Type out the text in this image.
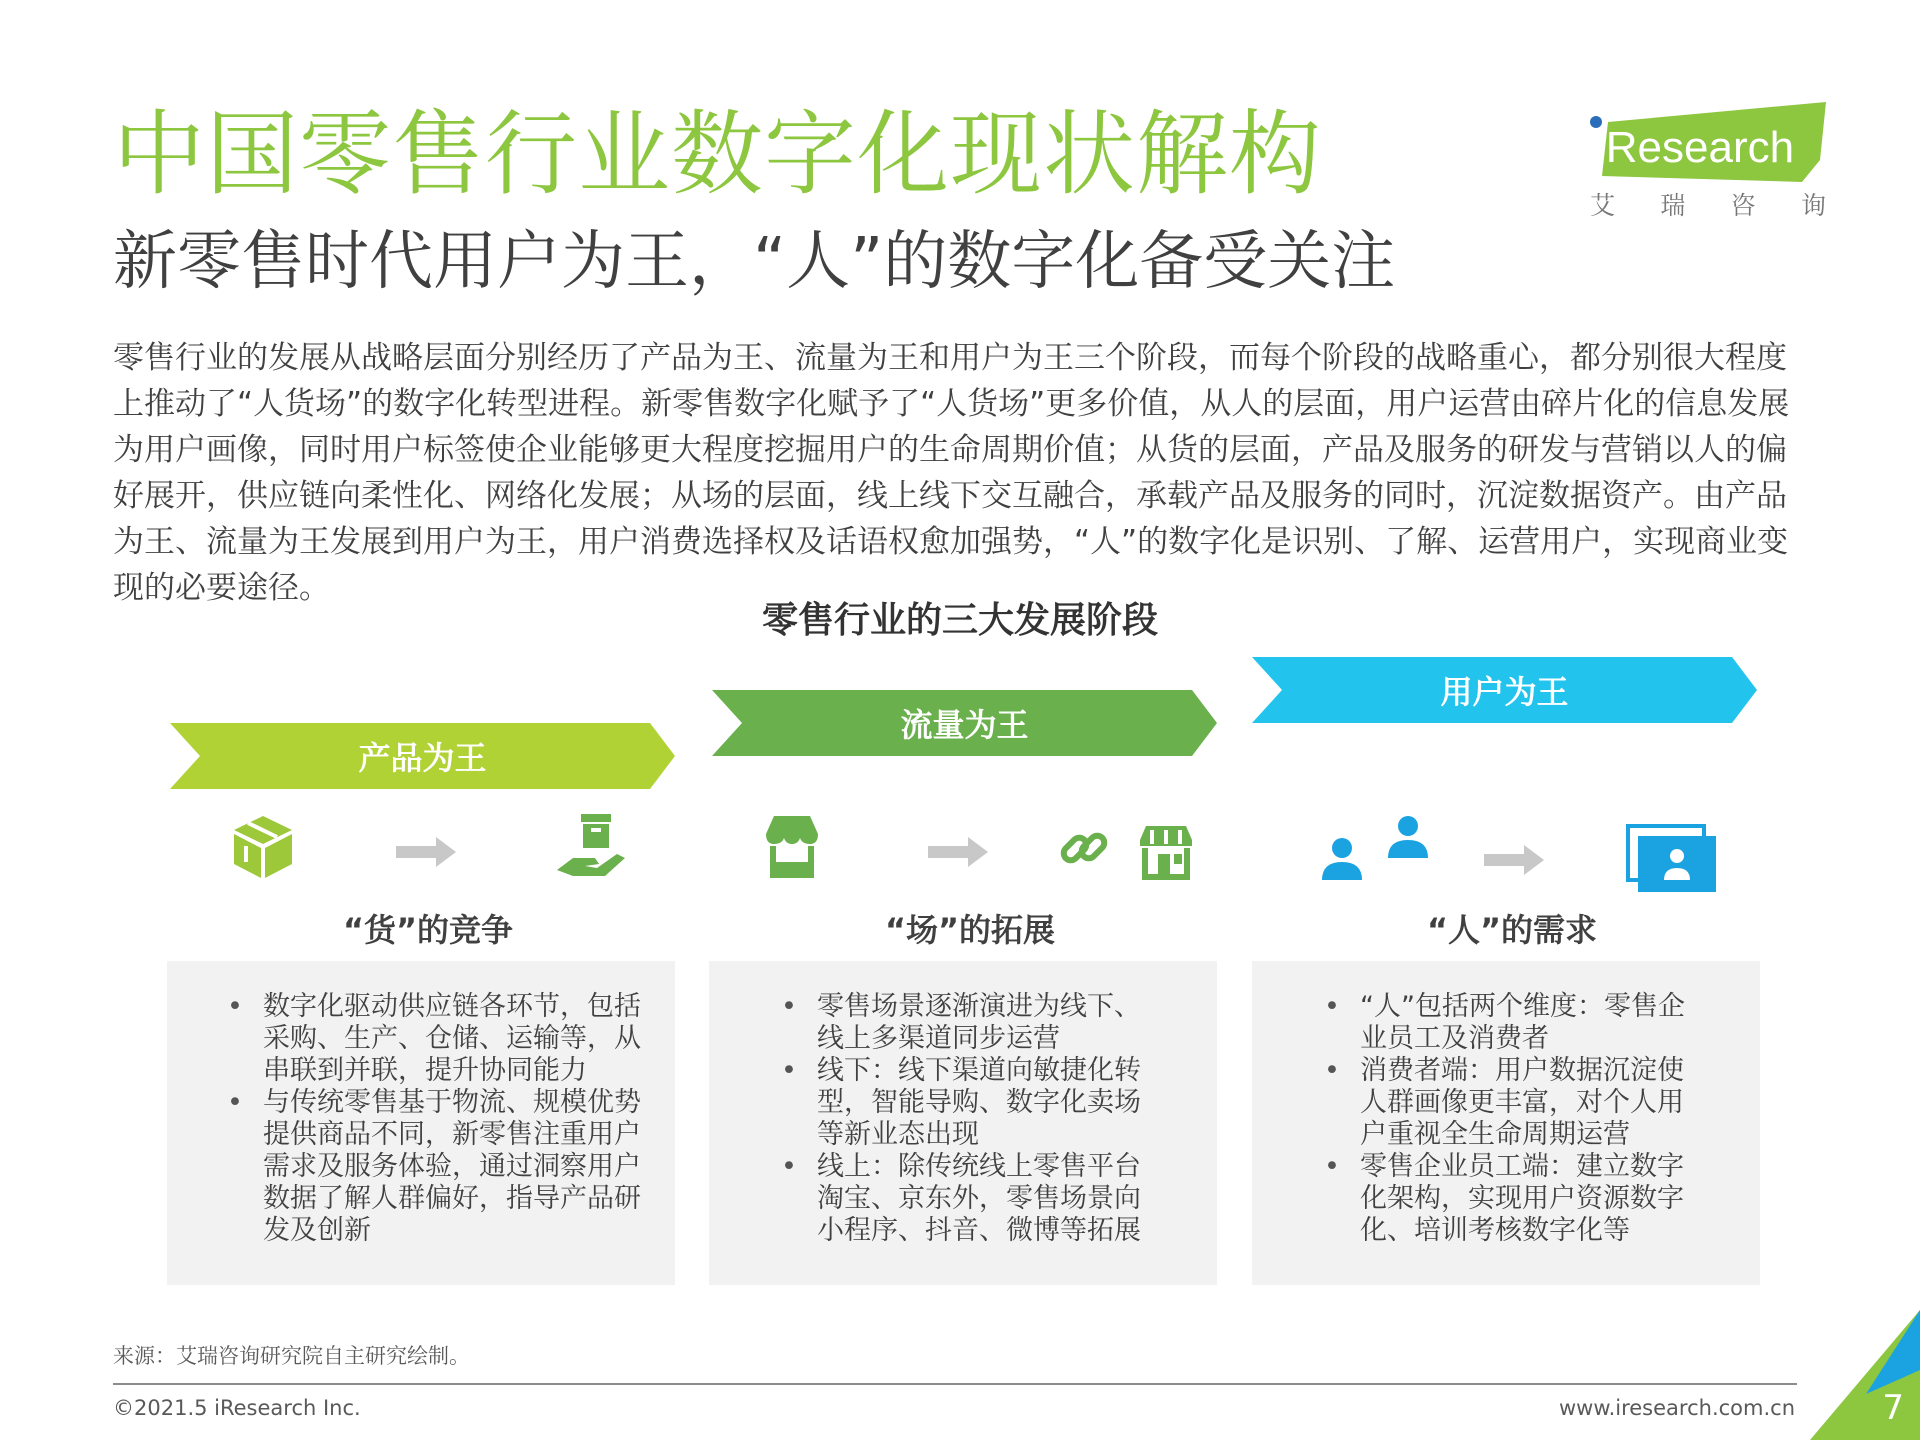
中国零售行业数字化现状解构
新零售时代用户为王，“人”的数字化备受关注
iResearch
艾 瑞 咨 询

零售行业的发展从战略层面分别经历了产品为王、流量为王和用户为王三个阶段，而每个阶段的战略重心，都分别很大程度上推动了“人货场”的数字化转型进程。新零售数字化赋予了“人货场”更多价值，从人的层面，用户运营由碎片化的信息发展为用户画像，同时用户标签使企业能够更大程度挖掘用户的生命周期价值；从货的层面，产品及服务的研发与营销以人的偏好展开，供应链向柔性化、网络化发展；从场的层面，线上线下交互融合，承载产品及服务的同时，沉淀数据资产。由产品为王、流量为王发展到用户为王，用户消费选择权及话语权愈加强势，“人”的数字化是识别、了解、运营用户，实现商业变现的必要途径。

零售行业的三大发展阶段
产品为王
流量为王
用户为王
“货”的竞争	“场”的拓展	“人”的需求
• 数字化驱动供应链各环节，包括采购、生产、仓储、运输等，从串联到并联，提升协同能力
• 与传统零售基于物流、规模优势提供商品不同，新零售注重用户需求及服务体验，通过洞察用户数据了解人群偏好，指导产品研发及创新
• 零售场景逐渐演进为线下、线上多渠道同步运营
• 线下：线下渠道向敏捷化转型，智能导购、数字化卖场等新业态出现
• 线上：除传统线上零售平台淘宝、京东外，零售场景向小程序、抖音、微博等拓展
• “人”包括两个维度：零售企业员工及消费者
• 消费者端：用户数据沉淀使人群画像更丰富，对个人用户重视全生命周期运营
• 零售企业员工端：建立数字化架构，实现用户资源数字化、培训考核数字化等
来源：艾瑞咨询研究院自主研究绘制。
©2021.5 iResearch Inc.	www.iresearch.com.cn	7
